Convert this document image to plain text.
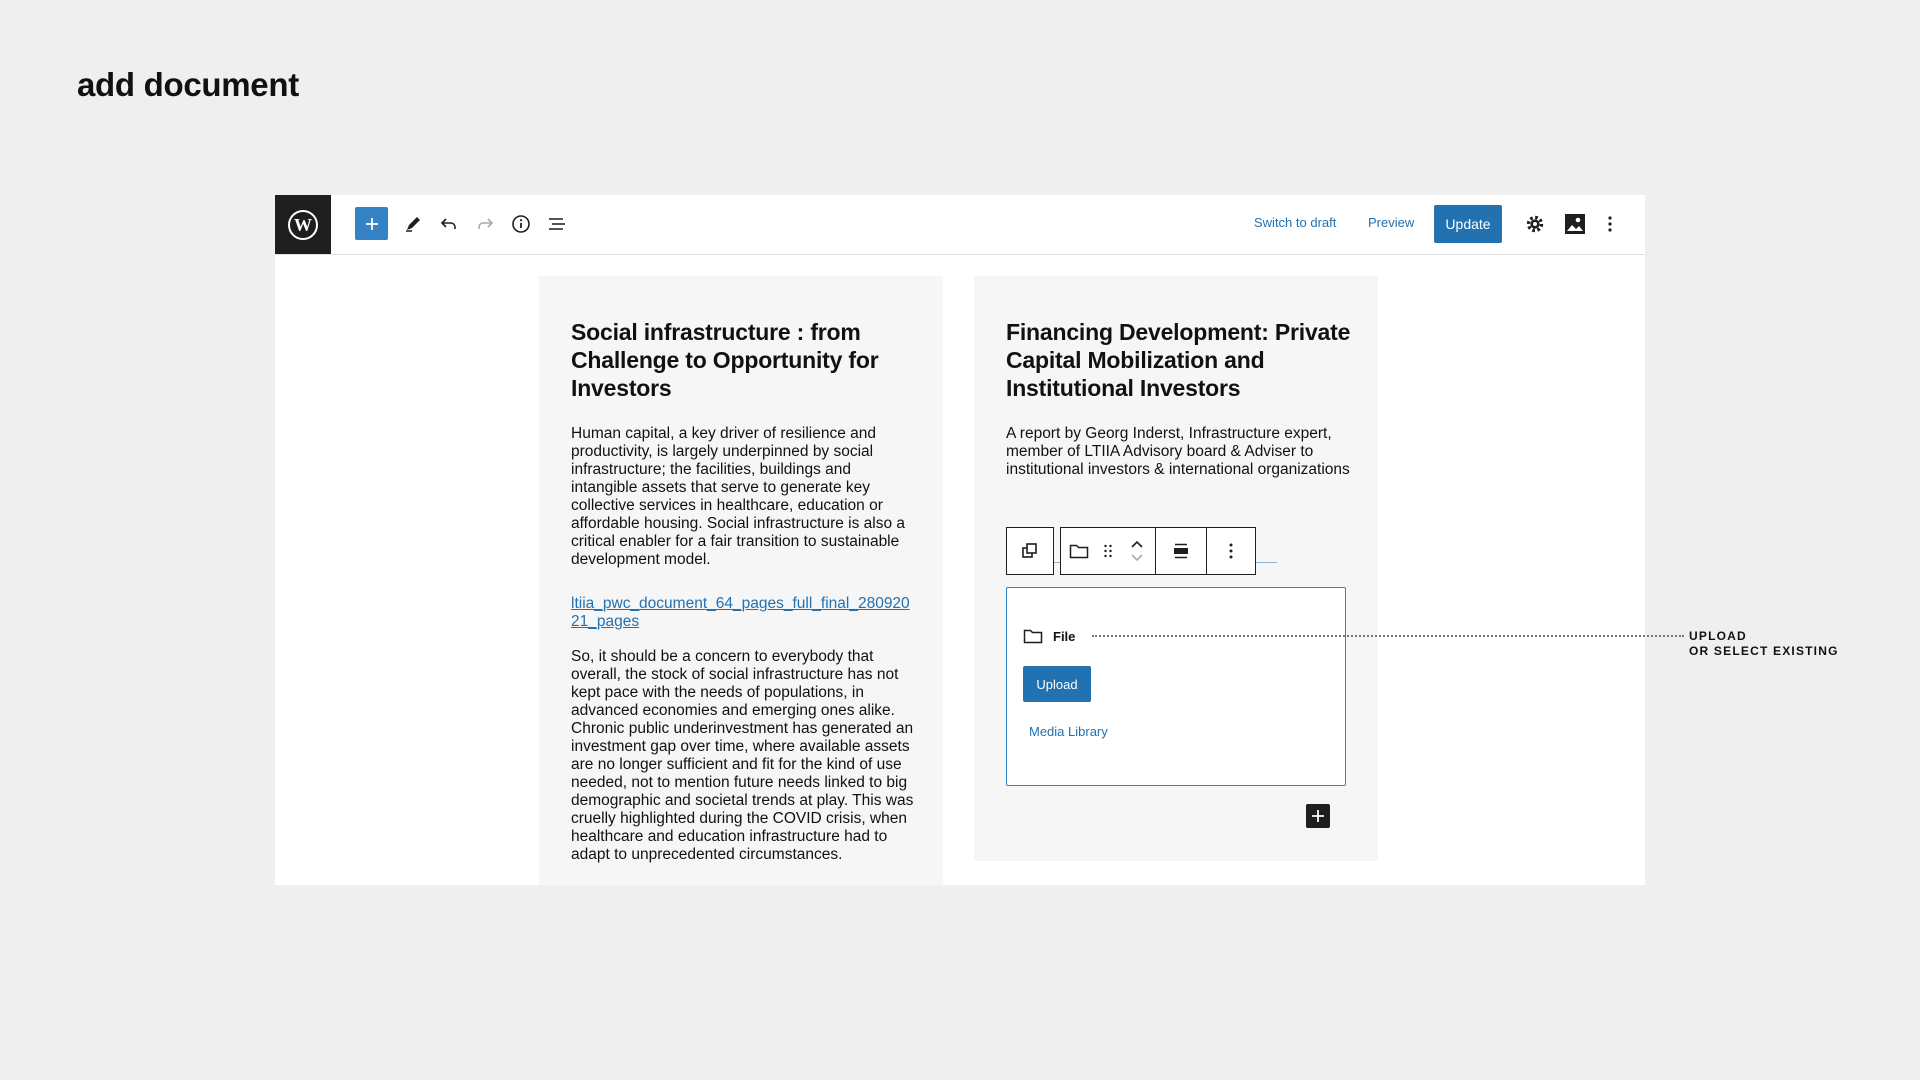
add document
W	Switch to draft Preview	Update
Social infrastructure : from Challenge to Opportunity for Investors

Human capital, a key driver of resilience and productivity, is largely underpinned by social infrastructure; the facilities, buildings and intangible assets that serve to generate key collective services in healthcare, education or affordable housing. Social infrastructure is also a critical enabler for a fair transition to sustainable development model.

ltiia_pwc_document_64_pages_full_final_28092021_pages

So, it should be a concern to everybody that overall, the stock of social infrastructure has not kept pace with the needs of populations, in advanced economies and emerging ones alike. Chronic public underinvestment has generated an investment gap over time, where available assets are no longer sufficient and fit for the kind of use needed, not to mention future needs linked to big demographic and societal trends at play. This was cruelly highlighted during the COVID crisis, when healthcare and education infrastructure had to adapt to unprecedented circumstances.

Financing Development: Private Capital Mobilization and Institutional Investors

A report by Georg Inderst, Infrastructure expert, member of LTIIA Advisory board & Adviser to institutional investors & international organizations

File
Upload
Media Library
UPLOAD
OR SELECT EXISTING
